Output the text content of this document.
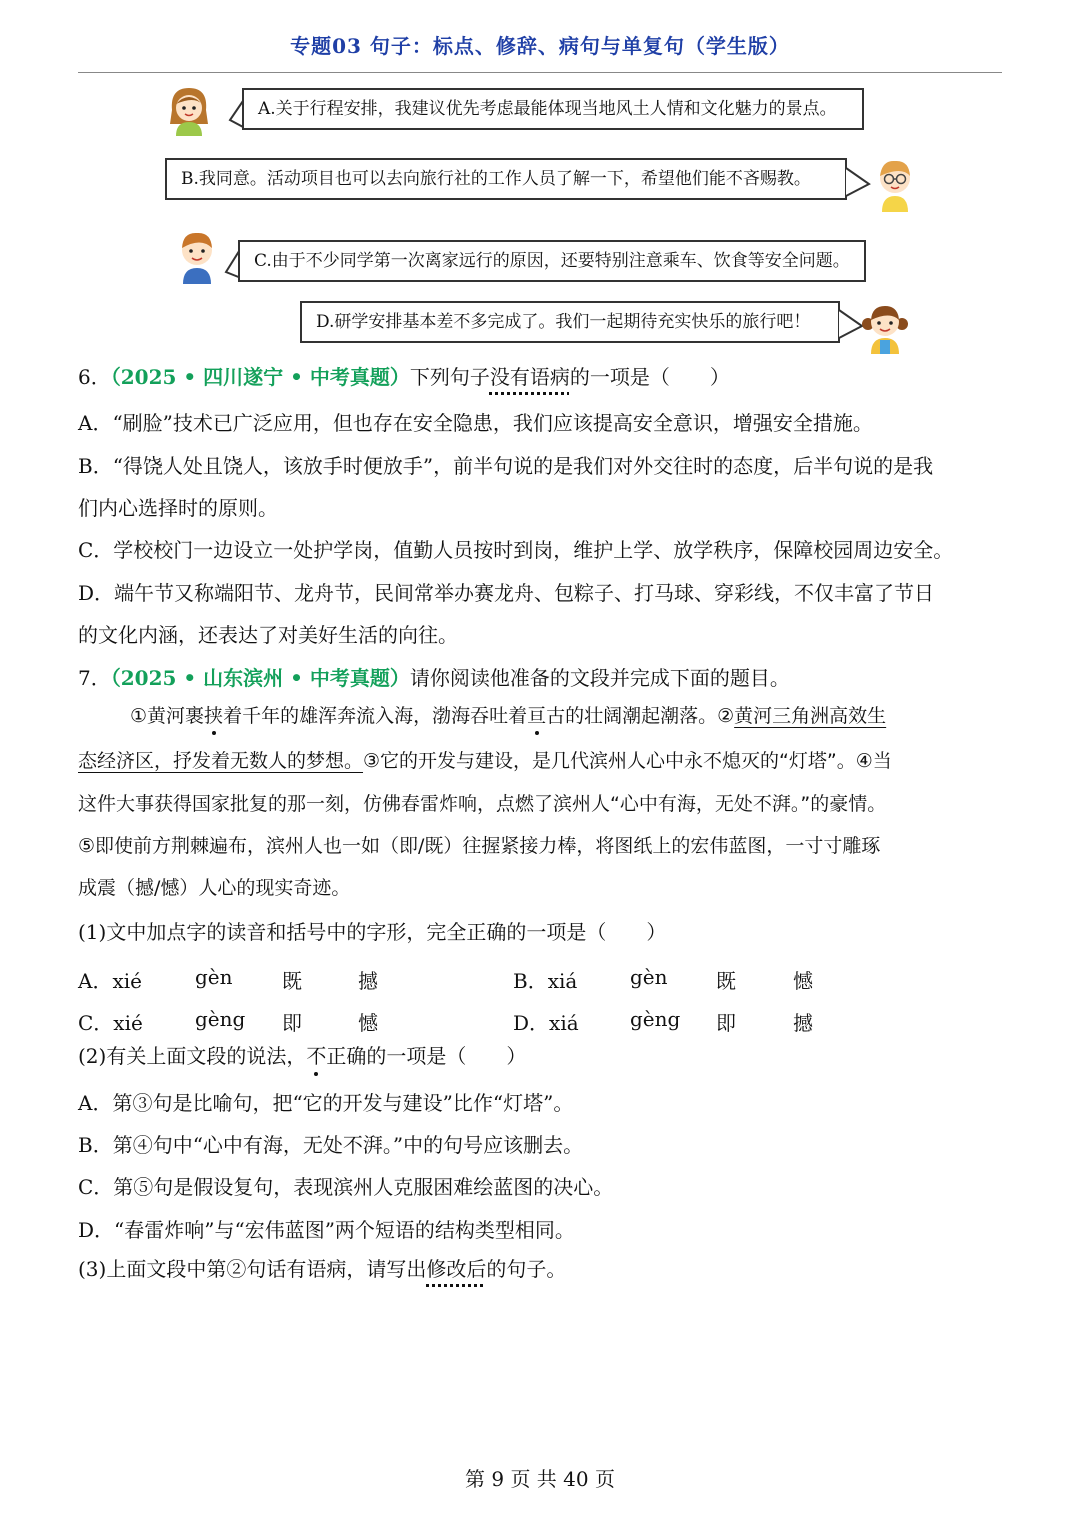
专题03 句子：标点、修辞、病句与单复句（学生版）
A.关于行程安排，我建议优先考虑最能体现当地风土人情和文化魅力的景点。
B.我同意。活动项目也可以去向旅行社的工作人员了解一下，希望他们能不吝赐教。
C.由于不少同学第一次离家远行的原因，还要特别注意乘车、饮食等安全问题。
D.研学安排基本差不多完成了。我们一起期待充实快乐的旅行吧！
6．（2025 • 四川遂宁 • 中考真题）下列句子没有语病的一项是（　　）
A．“刷脸”技术已广泛应用，但也存在安全隐患，我们应该提高安全意识，增强安全措施。
B．“得饶人处且饶人，该放手时便放手”，前半句说的是我们对外交往时的态度，后半句说的是我
们内心选择时的原则。
C．学校校门一边设立一处护学岗，值勤人员按时到岗，维护上学、放学秩序，保障校园周边安全。
D．端午节又称端阳节、龙舟节，民间常举办赛龙舟、包粽子、打马球、穿彩线，不仅丰富了节日
的文化内涵，还表达了对美好生活的向往。
7．（2025 • 山东滨州 • 中考真题）请你阅读他准备的文段并完成下面的题目。
①黄河裹挟着千年的雄浑奔流入海，渤海吞吐着亘古的壮阔潮起潮落。②黄河三角洲高效生
态经济区，抒发着无数人的梦想。③它的开发与建设，是几代滨州人心中永不熄灭的“灯塔”。④当
这件大事获得国家批复的那一刻，仿佛春雷炸响，点燃了滨州人“心中有海，无处不湃。”的豪情。
⑤即使前方荆棘遍布，滨州人也一如（即/既）往握紧接力棒，将图纸上的宏伟蓝图，一寸寸雕琢
成震（撼/憾）人心的现实奇迹。
(1)文中加点字的读音和括号中的字形，完全正确的一项是（　　）
A．xié	gèn 既	撼	B．xiá	gèn 既	憾
C．xié	gèng 即	憾	D．xiá	gèng 即	撼
(2)有关上面文段的说法，不正确的一项是（　　）
A．第③句是比喻句，把“它的开发与建设”比作“灯塔”。
B．第④句中“心中有海，无处不湃。”中的句号应该删去。
C．第⑤句是假设复句，表现滨州人克服困难绘蓝图的决心。
D．“春雷炸响”与“宏伟蓝图”两个短语的结构类型相同。
(3)上面文段中第②句话有语病，请写出修改后的句子。
第 9 页 共 40 页
